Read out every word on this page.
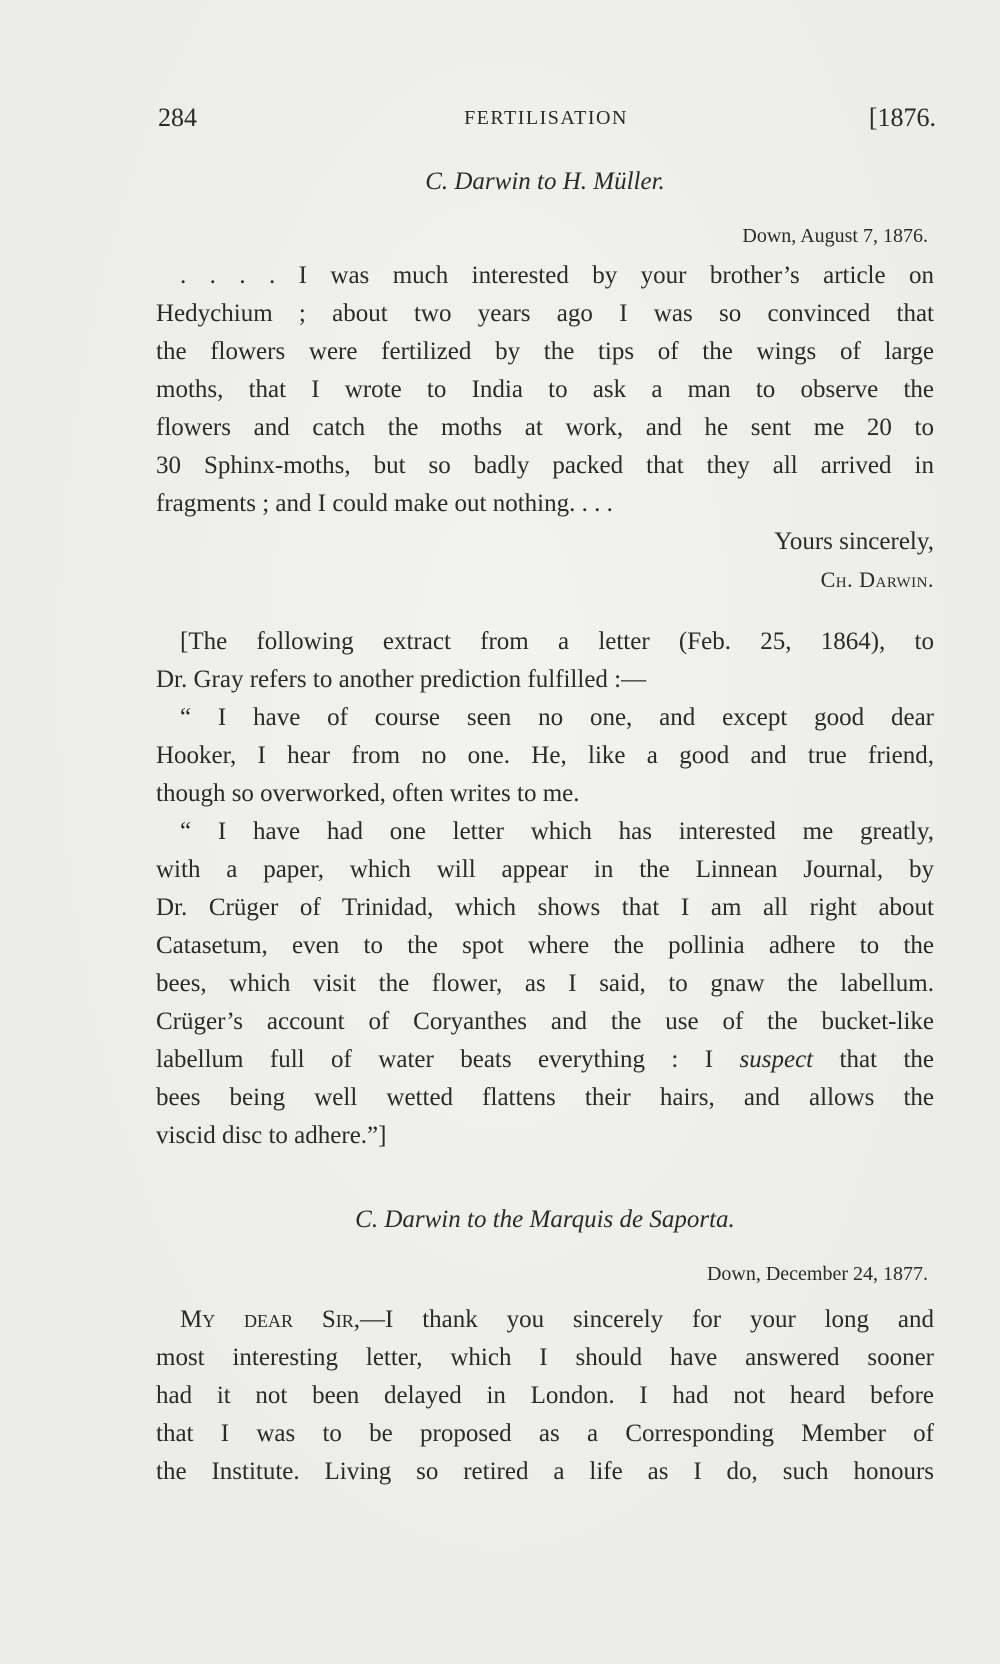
284	FERTILISATION	[1876.
C. Darwin to H. Müller.
Down, August 7, 1876.
. . . . I was much interested by your brother’s article on
Hedychium ; about two years ago I was so convinced that
the flowers were fertilized by the tips of the wings of large
moths, that I wrote to India to ask a man to observe the
flowers and catch the moths at work, and he sent me 20 to
30 Sphinx-moths, but so badly packed that they all arrived in
fragments ; and I could make out nothing. . . .
Yours sincerely,
Ch. Darwin.
[The following extract from a letter (Feb. 25, 1864), to
Dr. Gray refers to another prediction fulfilled :—
“ I have of course seen no one, and except good dear
Hooker, I hear from no one. He, like a good and true friend,
though so overworked, often writes to me.
“ I have had one letter which has interested me greatly,
with a paper, which will appear in the Linnean Journal, by
Dr. Crüger of Trinidad, which shows that I am all right about
Catasetum, even to the spot where the pollinia adhere to the
bees, which visit the flower, as I said, to gnaw the labellum.
Crüger’s account of Coryanthes and the use of the bucket-like
labellum full of water beats everything : I suspect that the
bees being well wetted flattens their hairs, and allows the
viscid disc to adhere.”]
C. Darwin to the Marquis de Saporta.
Down, December 24, 1877.
My dear Sir,—I thank you sincerely for your long and
most interesting letter, which I should have answered sooner
had it not been delayed in London. I had not heard before
that I was to be proposed as a Corresponding Member of
the Institute. Living so retired a life as I do, such honours
